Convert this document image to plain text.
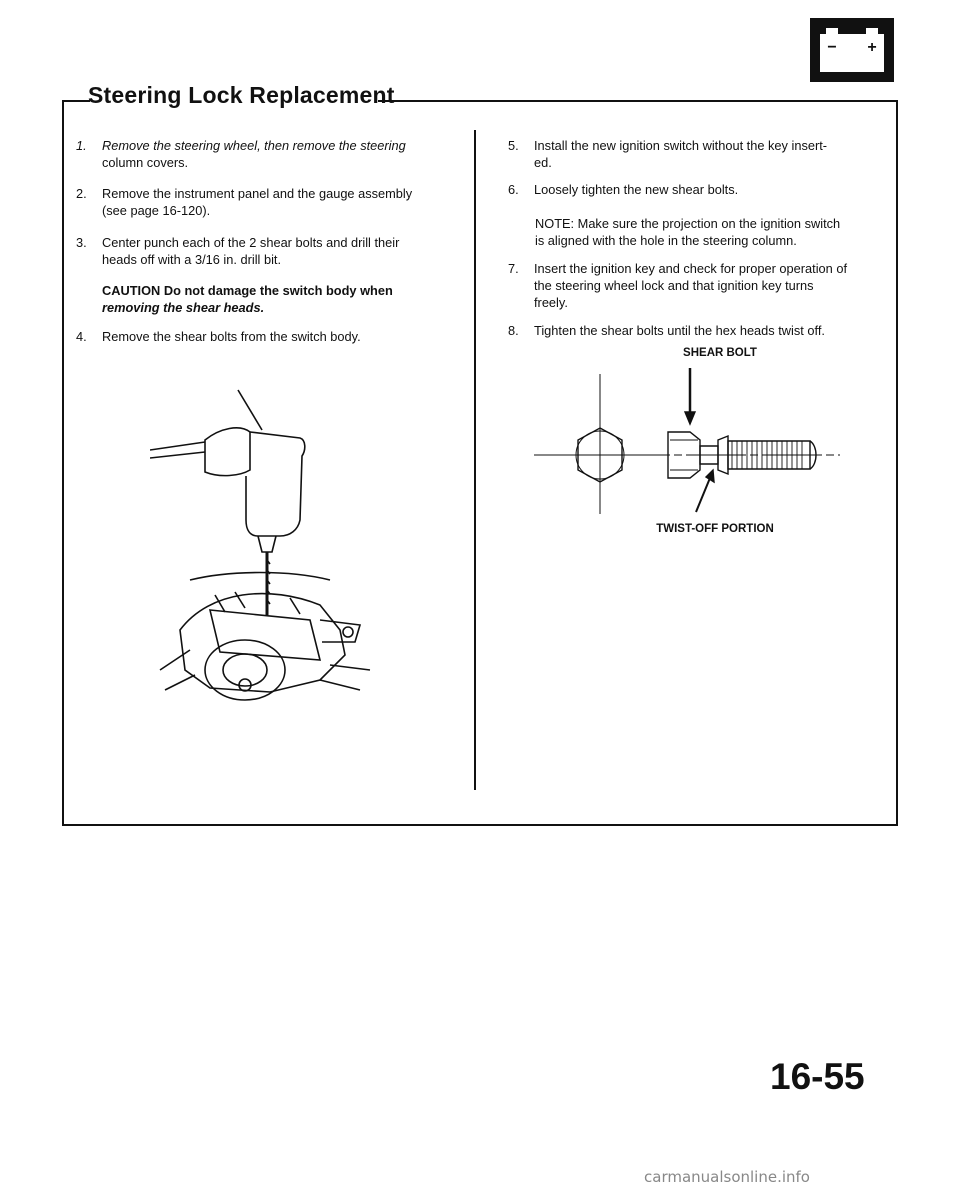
− +
Steering Lock Replacement
1. Remove the steering wheel, then remove the steering
column covers.
2. Remove the instrument panel and the gauge assembly
(see page 16-120).
3. Center punch each of the 2 shear bolts and drill their
heads off with a 3/16 in. drill bit.
CAUTION Do not damage the switch body when
removing the shear heads.
4. Remove the shear bolts from the switch body.
5. Install the new ignition switch without the key insert-
ed.
6. Loosely tighten the new shear bolts.
NOTE: Make sure the projection on the ignition switch
is aligned with the hole in the steering column.
7. Insert the ignition key and check for proper operation of
the steering wheel lock and that ignition key turns
freely.
8. Tighten the shear bolts until the hex heads twist off.
SHEAR BOLT
TWIST-OFF PORTION
16-55
carmanualsonline.info
